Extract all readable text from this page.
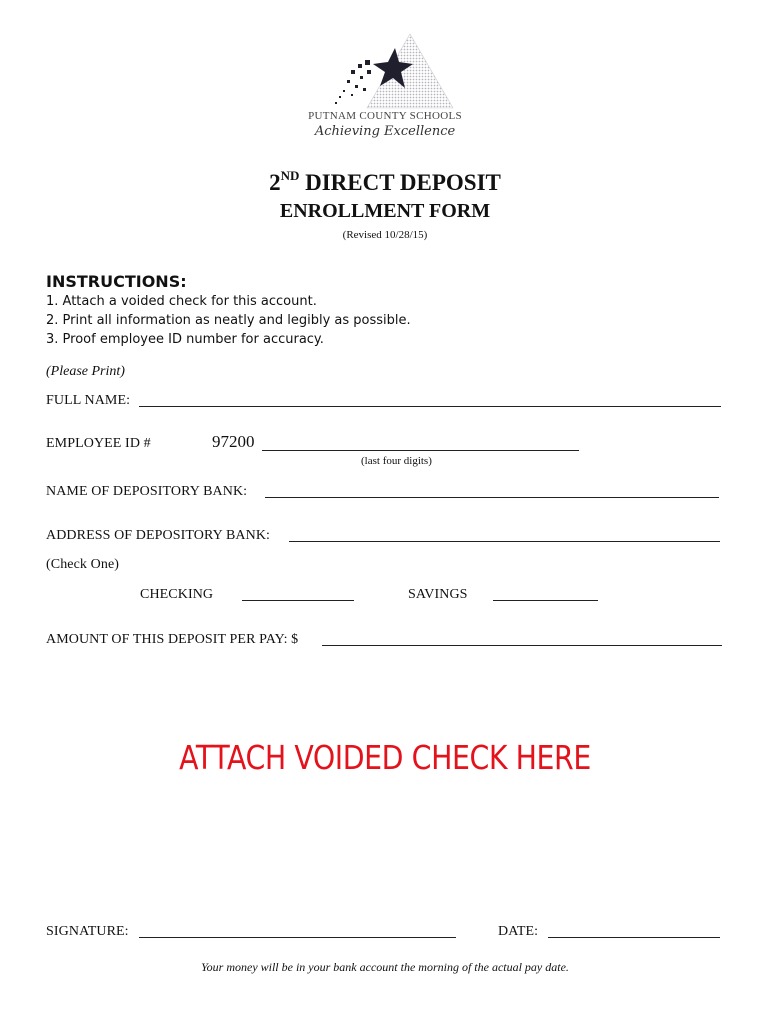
PUTNAM COUNTY SCHOOLS
Achieving Excellence
2ND DIRECT DEPOSIT
ENROLLMENT FORM
(Revised 10/28/15)
INSTRUCTIONS:
1. Attach a voided check for this account.
2. Print all information as neatly and legibly as possible.
3. Proof employee ID number for accuracy.
(Please Print)
FULL NAME:
EMPLOYEE ID #	97200
(last four digits)
NAME OF DEPOSITORY BANK:
ADDRESS OF DEPOSITORY BANK:
(Check One)
CHECKING	SAVINGS
AMOUNT OF THIS DEPOSIT PER PAY: $
ATTACH VOIDED CHECK HERE
SIGNATURE:	DATE:
Your money will be in your bank account the morning of the actual pay date.
